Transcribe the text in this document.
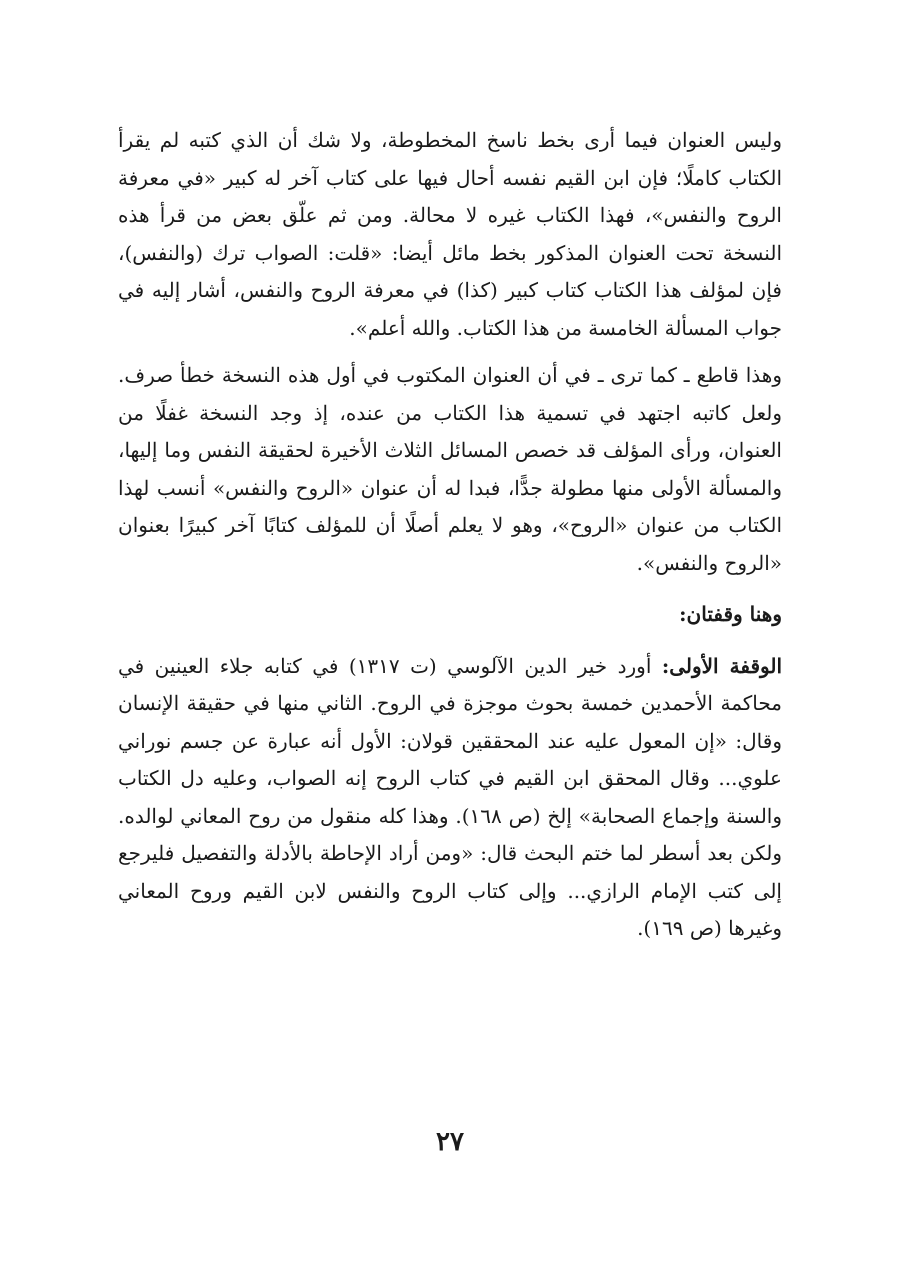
وليس العنوان فيما أرى بخط ناسخ المخطوطة، ولا شك أن الذي كتبه لم يقرأ الكتاب كاملًا؛ فإن ابن القيم نفسه أحال فيها على كتاب آخر له كبير «في معرفة الروح والنفس»، فهذا الكتاب غيره لا محالة. ومن ثم علّق بعض من قرأ هذه النسخة تحت العنوان المذكور بخط مائل أيضا: «قلت: الصواب ترك (والنفس)، فإن لمؤلف هذا الكتاب كتاب كبير (كذا) في معرفة الروح والنفس، أشار إليه في جواب المسألة الخامسة من هذا الكتاب. والله أعلم».

وهذا قاطع ـ كما ترى ـ في أن العنوان المكتوب في أول هذه النسخة خطأ صرف. ولعل كاتبه اجتهد في تسمية هذا الكتاب من عنده، إذ وجد النسخة غفلًا من العنوان، ورأى المؤلف قد خصص المسائل الثلاث الأخيرة لحقيقة النفس وما إليها، والمسألة الأولى منها مطولة جدًّا، فبدا له أن عنوان «الروح والنفس» أنسب لهذا الكتاب من عنوان «الروح»، وهو لا يعلم أصلًا أن للمؤلف كتابًا آخر كبيرًا بعنوان «الروح والنفس».

وهنا وقفتان:

الوقفة الأولى: أورد خير الدين الآلوسي (ت ١٣١٧) في كتابه جلاء العينين في محاكمة الأحمدين خمسة بحوث موجزة في الروح. الثاني منها في حقيقة الإنسان وقال: «إن المعول عليه عند المحققين قولان: الأول أنه عبارة عن جسم نوراني علوي... وقال المحقق ابن القيم في كتاب الروح إنه الصواب، وعليه دل الكتاب والسنة وإجماع الصحابة» إلخ (ص ١٦٨). وهذا كله منقول من روح المعاني لوالده. ولكن بعد أسطر لما ختم البحث قال: «ومن أراد الإحاطة بالأدلة والتفصيل فليرجع إلى كتب الإمام الرازي... وإلى كتاب الروح والنفس لابن القيم وروح المعاني وغيرها (ص ١٦٩).

٢٧
